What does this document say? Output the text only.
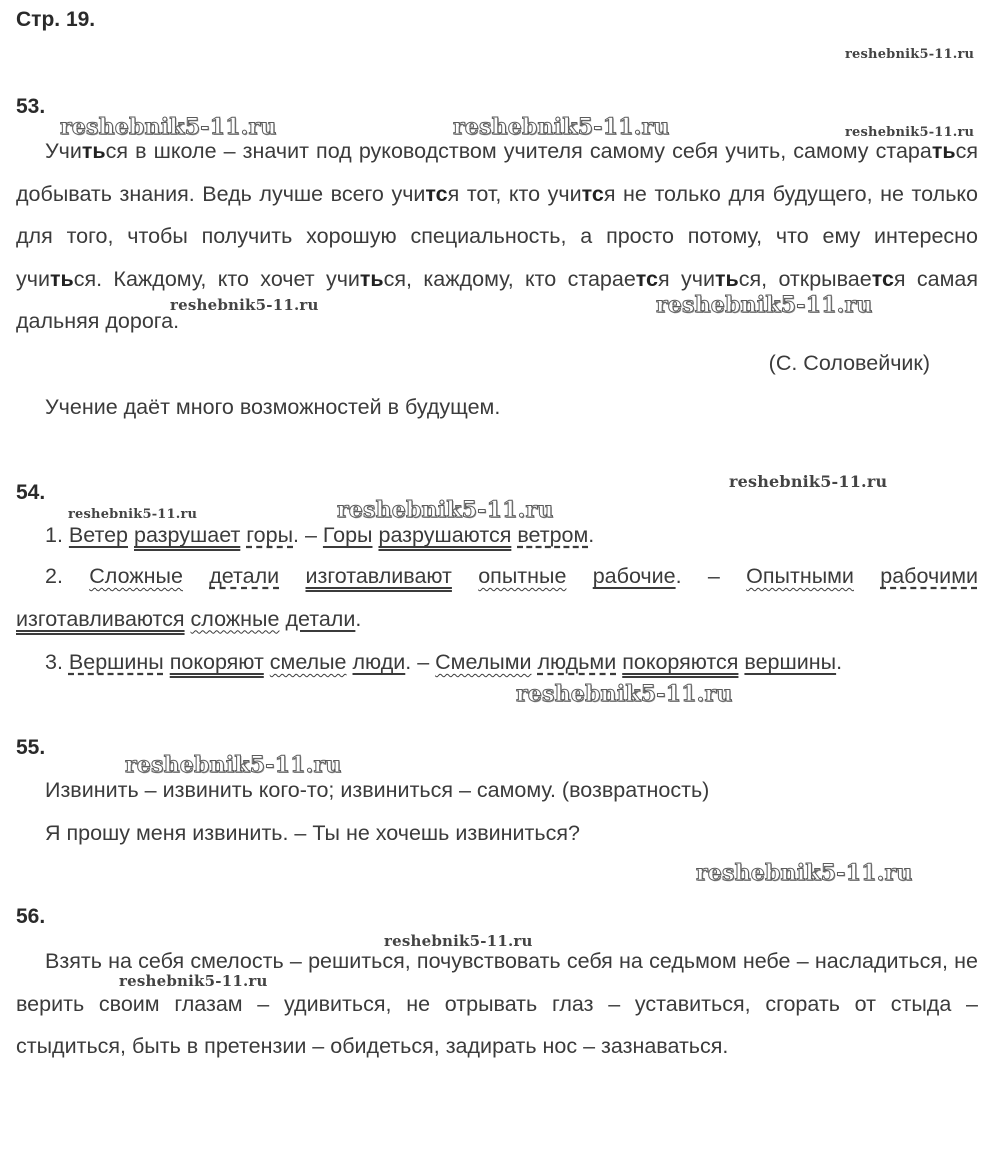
Стр. 19.
53.

Учиться в школе – значит под руководством учителя самому себя учить, самому стараться добывать знания. Ведь лучше всего учится тот, кто учится не только для будущего, не только для того, чтобы получить хорошую специальность, а просто потому, что ему интересно учиться. Каждому, кто хочет учиться, каждому, кто старается учиться, открывается самая дальняя дорога.

(С. Соловейчик)
Учение даёт много возможностей в будущем.
54.
1. Ветер разрушает горы. – Горы разрушаются ветром.

2. Сложные детали изготавливают опытные рабочие. – Опытными рабочими изготавливаются сложные детали.

3. Вершины покоряют смелые люди. – Смелыми людьми покоряются вершины.
55.
Извинить – извинить кого-то; извиниться – самому. (возвратность)
Я прошу меня извинить. – Ты не хочешь извиниться?
56.

Взять на себя смелость – решиться, почувствовать себя на седьмом небе – насладиться, не верить своим глазам – удивиться, не отрывать глаз – уставиться, сгорать от стыда – стыдиться, быть в претензии – обидеться, задирать нос – зазнаваться.

reshebnik5-11.ru
reshebnik5-11.ru	reshebnik5-11.ru	reshebnik5-11.ru
reshebnik5-11.ru	reshebnik5-11.ru
reshebnik5-11.ru
reshebnik5-11.ru	reshebnik5-11.ru
reshebnik5-11.ru
reshebnik5-11.ru
reshebnik5-11.ru
reshebnik5-11.ru
reshebnik5-11.ru
